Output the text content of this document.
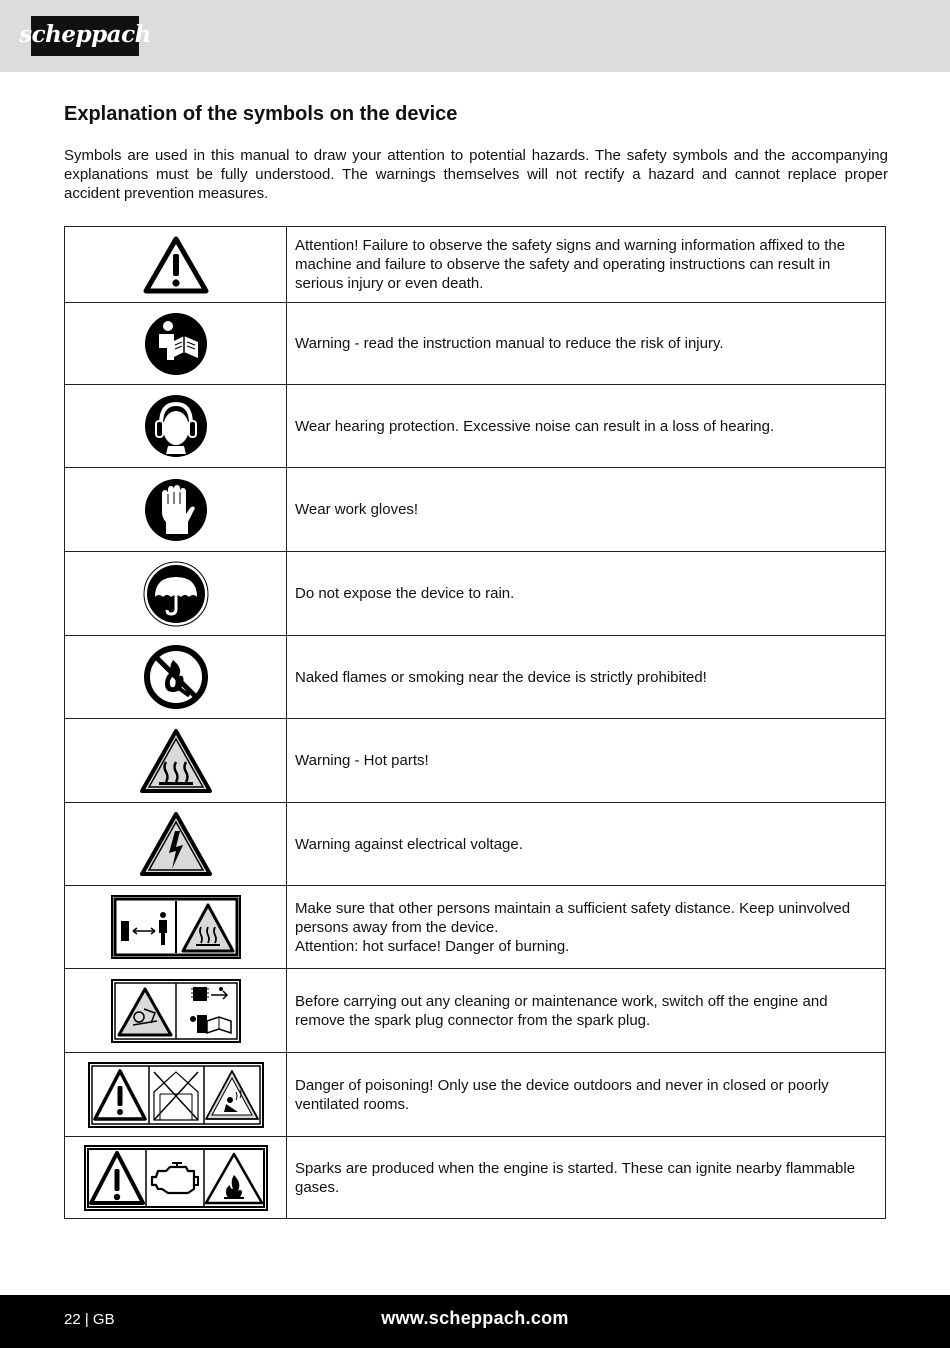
scheppach
Explanation of the symbols on the device

Symbols are used in this manual to draw your attention to potential hazards. The safety symbols and the accompanying explanations must be fully understood. The warnings themselves will not rectify a hazard and cannot replace proper accident prevention measures.

	Attention! Failure to observe the safety signs and warning information affixed to the machine and failure to observe the safety and operating instructions can result in serious injury or even death.

	Warning - read the instruction manual to reduce the risk of injury.

	Wear hearing protection. Excessive noise can result in a loss of hearing.

	Wear work gloves!

	Do not expose the device to rain.

	Naked flames or smoking near the device is strictly prohibited!

	Warning - Hot parts!

	Warning against electrical voltage.

	Make sure that other persons maintain a sufficient safety distance. Keep uninvolved persons away from the device.
Attention: hot surface! Danger of burning.

	Before carrying out any cleaning or maintenance work, switch off the engine and remove the spark plug connector from the spark plug.

	Danger of poisoning! Only use the device outdoors and never in closed or poorly ventilated rooms.

	Sparks are produced when the engine is started. These can ignite nearby flammable gases.
22 | GB	www.scheppach.com
